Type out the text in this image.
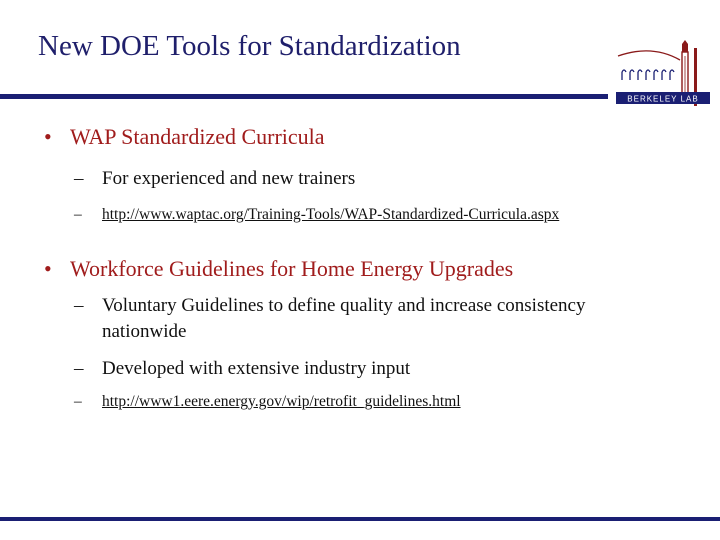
New DOE Tools for Standardization
BERKELEY LAB
• WAP Standardized Curricula
– For experienced and new trainers
–	http://www.waptac.org/Training-Tools/WAP-Standardized-Curricula.aspx
• Workforce Guidelines for Home Energy Upgrades
– Voluntary Guidelines to define quality and increase consistency nationwide
– Developed with extensive industry input
–	http://www1.eere.energy.gov/wip/retrofit_guidelines.html
